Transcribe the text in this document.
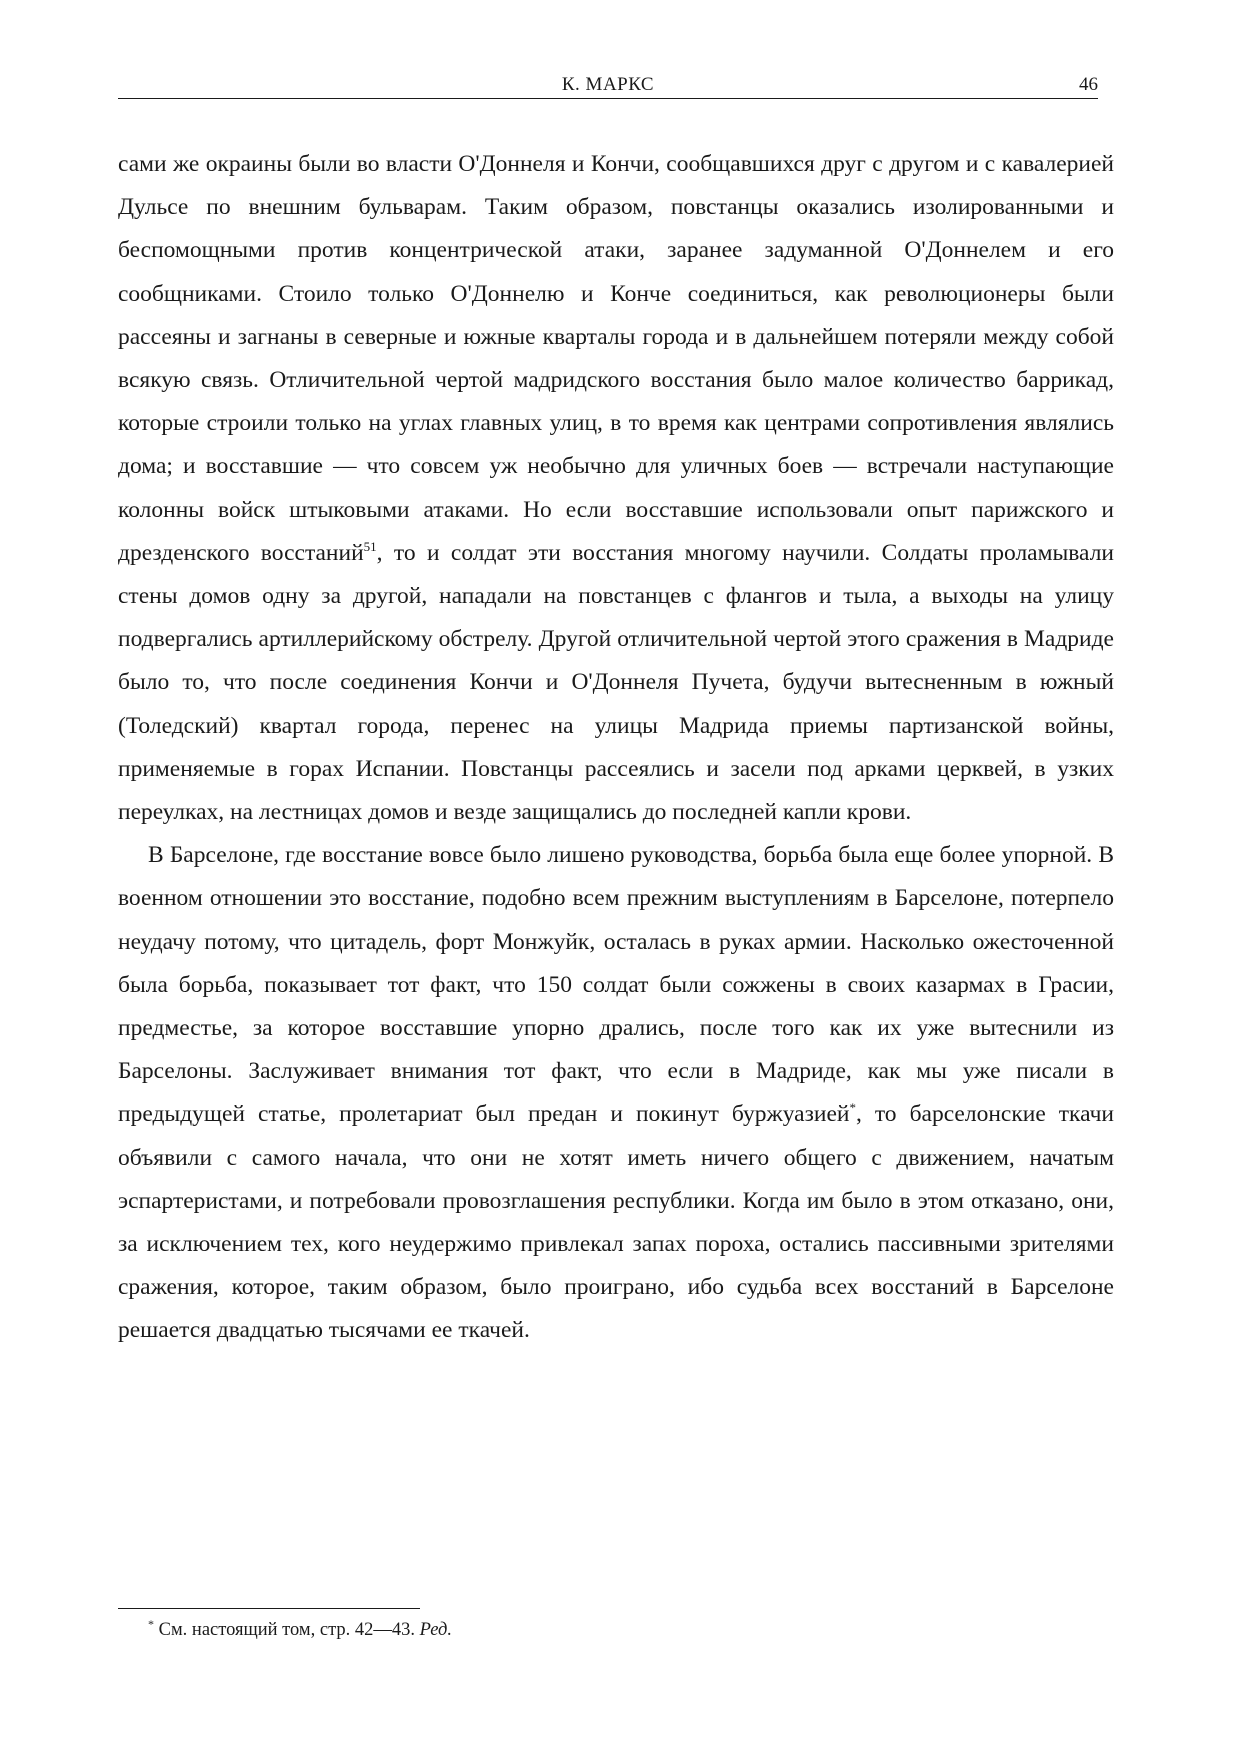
К. МАРКС	46

сами же окраины были во власти О'Доннеля и Кончи, сообщавшихся друг с другом и с кавалерией Дульсе по внешним бульварам. Таким образом, повстанцы оказались изолированными и беспомощными против концентрической атаки, заранее задуманной О'Доннелем и его сообщниками. Стоило только О'Доннелю и Конче соединиться, как революционеры были рассеяны и загнаны в северные и южные кварталы города и в дальнейшем потеряли между собой всякую связь. Отличительной чертой мадридского восстания было малое количество баррикад, которые строили только на углах главных улиц, в то время как центрами сопротивления являлись дома; и восставшие — что совсем уж необычно для уличных боев — встречали наступающие колонны войск штыковыми атаками. Но если восставшие использовали опыт парижского и дрезденского восстаний$^{51}$, то и солдат эти восстания многому научили. Солдаты проламывали стены домов одну за другой, нападали на повстанцев с флангов и тыла, а выходы на улицу подвергались артиллерийскому обстрелу. Другой отличительной чертой этого сражения в Мадриде было то, что после соединения Кончи и О'Доннеля Пучета, будучи вытесненным в южный (Толедский) квартал города, перенес на улицы Мадрида приемы партизанской войны, применяемые в горах Испании. Повстанцы рассеялись и засели под арками церквей, в узких переулках, на лестницах домов и везде защищались до последней капли крови.

В Барселоне, где восстание вовсе было лишено руководства, борьба была еще более упорной. В военном отношении это восстание, подобно всем прежним выступлениям в Барселоне, потерпело неудачу потому, что цитадель, форт Монжуйк, осталась в руках армии. Насколько ожесточенной была борьба, показывает тот факт, что 150 солдат были сожжены в своих казармах в Грасии, предместье, за которое восставшие упорно дрались, после того как их уже вытеснили из Барселоны. Заслуживает внимания тот факт, что если в Мадриде, как мы уже писали в предыдущей статье, пролетариат был предан и покинут буржуазией*, то барселонские ткачи объявили с самого начала, что они не хотят иметь ничего общего с движением, начатым эспартеристами, и потребовали провозглашения республики. Когда им было в этом отказано, они, за исключением тех, кого неудержимо привлекал запах пороха, остались пассивными зрителями сражения, которое, таким образом, было проиграно, ибо судьба всех восстаний в Барселоне решается двадцатью тысячами ее ткачей.

* См. настоящий том, стр. 42—43. Ред.
